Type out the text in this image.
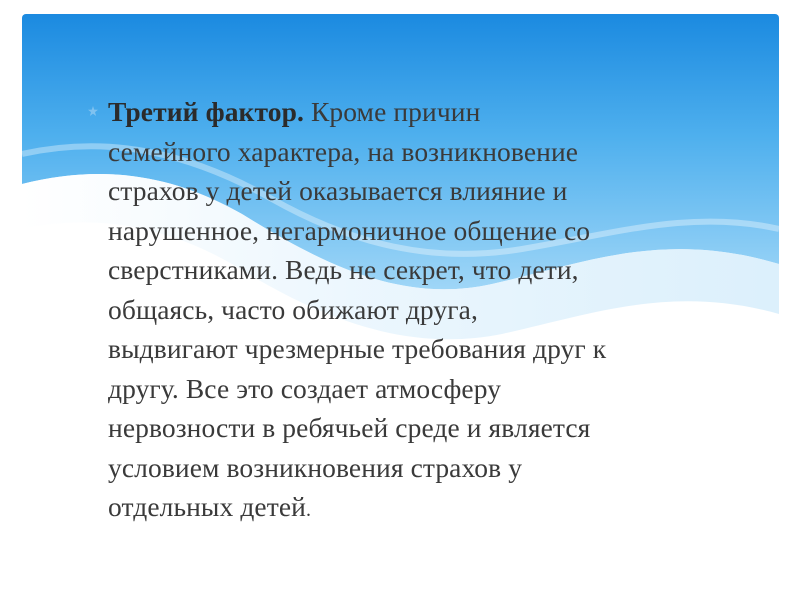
Третий фактор. Кроме причин
семейного характера, на возникновение
страхов у детей оказывается влияние и
нарушенное, негармоничное общение со
сверстниками. Ведь не секрет, что дети,
общаясь, часто обижают друга,
выдвигают чрезмерные требования друг к
другу. Все это создает атмосферу
нервозности в ребячьей среде и является
условием возникновения страхов у
отдельных детей.
